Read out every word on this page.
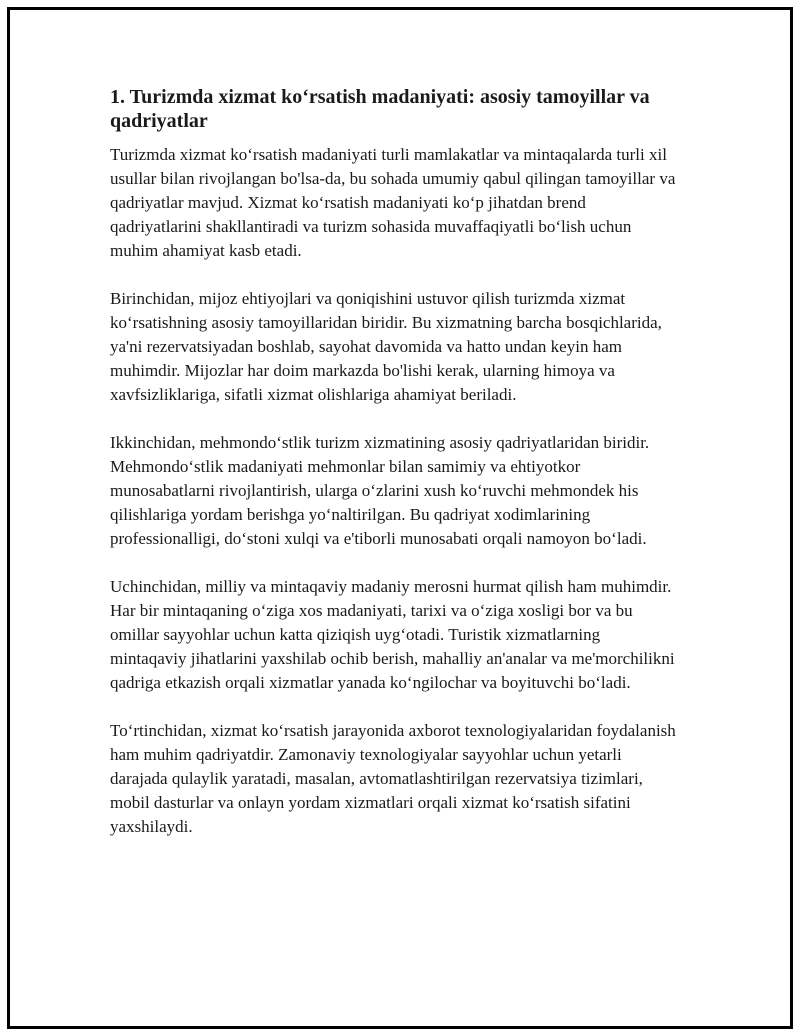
1. Turizmda xizmat ko‘rsatish madaniyati: asosiy tamoyillar va qadriyatlar

Turizmda xizmat ko‘rsatish madaniyati turli mamlakatlar va mintaqalarda turli xil usullar bilan rivojlangan bo'lsa-da, bu sohada umumiy qabul qilingan tamoyillar va qadriyatlar mavjud. Xizmat ko‘rsatish madaniyati ko‘p jihatdan brend qadriyatlarini shakllantiradi va turizm sohasida muvaffaqiyatli bo‘lish uchun muhim ahamiyat kasb etadi.

Birinchidan, mijoz ehtiyojlari va qoniqishini ustuvor qilish turizmda xizmat ko‘rsatishning asosiy tamoyillaridan biridir. Bu xizmatning barcha bosqichlarida, ya'ni rezervatsiyadan boshlab, sayohat davomida va hatto undan keyin ham muhimdir. Mijozlar har doim markazda bo'lishi kerak, ularning himoya va xavfsizliklariga, sifatli xizmat olishlariga ahamiyat beriladi.

Ikkinchidan, mehmondo‘stlik turizm xizmatining asosiy qadriyatlaridan biridir. Mehmondo‘stlik madaniyati mehmonlar bilan samimiy va ehtiyotkor munosabatlarni rivojlantirish, ularga o‘zlarini xush ko‘ruvchi mehmondek his qilishlariga yordam berishga yo‘naltirilgan. Bu qadriyat xodimlarining professionalligi, do‘stoni xulqi va e'tiborli munosabati orqali namoyon bo‘ladi.

Uchinchidan, milliy va mintaqaviy madaniy merosni hurmat qilish ham muhimdir. Har bir mintaqaning o‘ziga xos madaniyati, tarixi va o‘ziga xosligi bor va bu omillar sayyohlar uchun katta qiziqish uyg‘otadi. Turistik xizmatlarning mintaqaviy jihatlarini yaxshilab ochib berish, mahalliy an'analar va me'morchilikni qadriga etkazish orqali xizmatlar yanada ko‘ngilochar va boyituvchi bo‘ladi.

To‘rtinchidan, xizmat ko‘rsatish jarayonida axborot texnologiyalaridan foydalanish ham muhim qadriyatdir. Zamonaviy texnologiyalar sayyohlar uchun yetarli darajada qulaylik yaratadi, masalan, avtomatlashtirilgan rezervatsiya tizimlari, mobil dasturlar va onlayn yordam xizmatlari orqali xizmat ko‘rsatish sifatini yaxshilaydi.
